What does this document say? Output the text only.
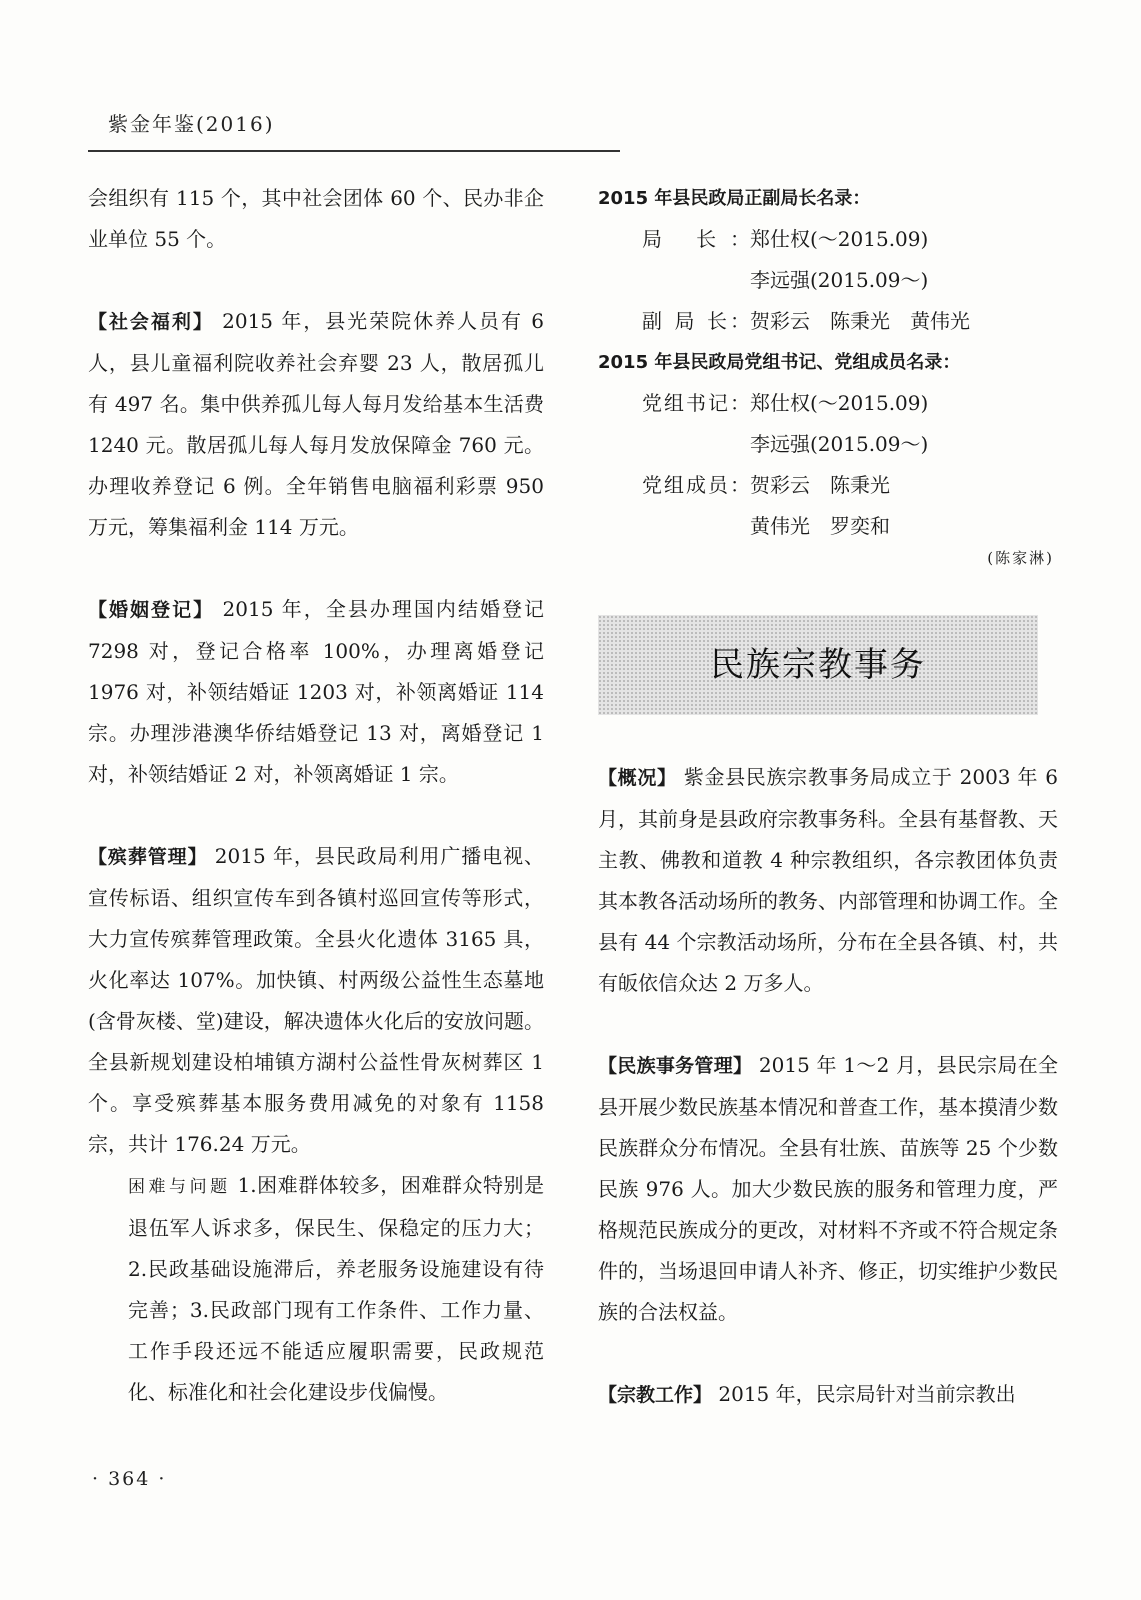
紫金年鉴(2016)

会组织有 115 个，其中社会团体 60 个、民办非企业单位 55 个。

【社会福利】 2015 年，县光荣院休养人员有 6 人，县儿童福利院收养社会弃婴 23 人，散居孤儿有 497 名。集中供养孤儿每人每月发给基本生活费 1240 元。散居孤儿每人每月发放保障金 760 元。办理收养登记 6 例。全年销售电脑福利彩票 950 万元，筹集福利金 114 万元。

【婚姻登记】 2015 年，全县办理国内结婚登记 7298 对，登记合格率 100%，办理离婚登记 1976 对，补领结婚证 1203 对，补领离婚证 114 宗。办理涉港澳华侨结婚登记 13 对，离婚登记 1 对，补领结婚证 2 对，补领离婚证 1 宗。

【殡葬管理】 2015 年，县民政局利用广播电视、宣传标语、组织宣传车到各镇村巡回宣传等形式，大力宣传殡葬管理政策。全县火化遗体 3165 具，火化率达 107%。加快镇、村两级公益性生态墓地(含骨灰楼、堂)建设，解决遗体火化后的安放问题。全县新规划建设柏埔镇方湖村公益性骨灰树葬区 1 个。享受殡葬基本服务费用减免的对象有 1158 宗，共计 176.24 万元。

困难与问题 1.困难群体较多，困难群众特别是退伍军人诉求多，保民生、保稳定的压力大；2.民政基础设施滞后，养老服务设施建设有待完善；3.民政部门现有工作条件、工作力量、工作手段还远不能适应履职需要，民政规范化、标准化和社会化建设步伐偏慢。

2015 年县民政局正副局长名录：

局 长： 郑仕权(～2015.09)
李远强(2015.09～)
副 局 长： 贺彩云　陈秉光　黄伟光

2015 年县民政局党组书记、党组成员名录：

党组书记： 郑仕权(～2015.09)
李远强(2015.09～)
党组成员： 贺彩云　陈秉光
黄伟光　罗奕和
(陈家淋)
民族宗教事务

【概况】 紫金县民族宗教事务局成立于 2003 年 6 月，其前身是县政府宗教事务科。全县有基督教、天主教、佛教和道教 4 种宗教组织，各宗教团体负责其本教各活动场所的教务、内部管理和协调工作。全县有 44 个宗教活动场所，分布在全县各镇、村，共有皈依信众达 2 万多人。

【民族事务管理】 2015 年 1～2 月，县民宗局在全县开展少数民族基本情况和普查工作，基本摸清少数民族群众分布情况。全县有壮族、苗族等 25 个少数民族 976 人。加大少数民族的服务和管理力度，严格规范民族成分的更改，对材料不齐或不符合规定条件的，当场退回申请人补齐、修正，切实维护少数民族的合法权益。

【宗教工作】 2015 年，民宗局针对当前宗教出

· 364 ·
